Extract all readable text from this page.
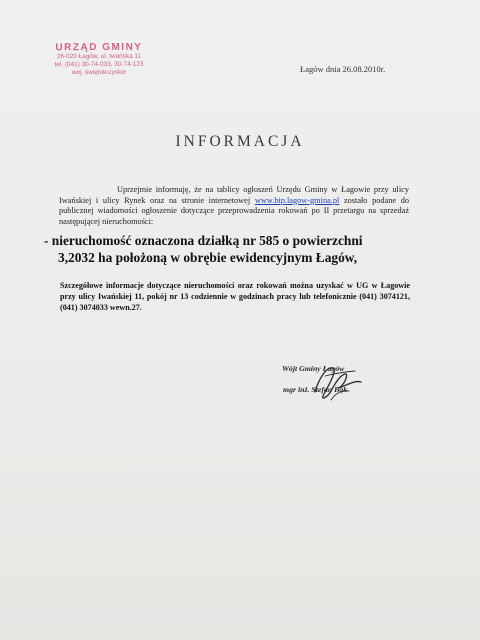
URZĄD GMINY
26-020 Łagów, ul. Iwańska 11
tel. (041) 30-74-033, 30-74-123
woj. świętokrzyskie	Łagów dnia 26.08.2010r.
INFORMACJA
Uprzejmie informuję, że na tablicy ogłoszeń Urzędu Gminy w Łagowie przy ulicy Iwańskiej i ulicy Rynek oraz na stronie internetowej www.bip.lagow-gmina.pl zostało podane do publicznej wiadomości ogłoszenie dotyczące przeprowadzenia rokowań po II przetargu na sprzedaż następującej nieruchomości:
- nieruchomość oznaczona działką nr 585 o powierzchni
3,2032 ha położoną w obrębie ewidencyjnym Łagów,
Szczegółowe informacje dotyczące nieruchomości oraz rokowań można uzyskać w UG w Łagowie przy ulicy Iwańskiej 11, pokój nr 13 codziennie w godzinach pracy lub telefonicznie (041) 3074121, (041) 3074033 wewn.27.
Wójt Gminy Łagów
mgr inż. Stefan Bąk
